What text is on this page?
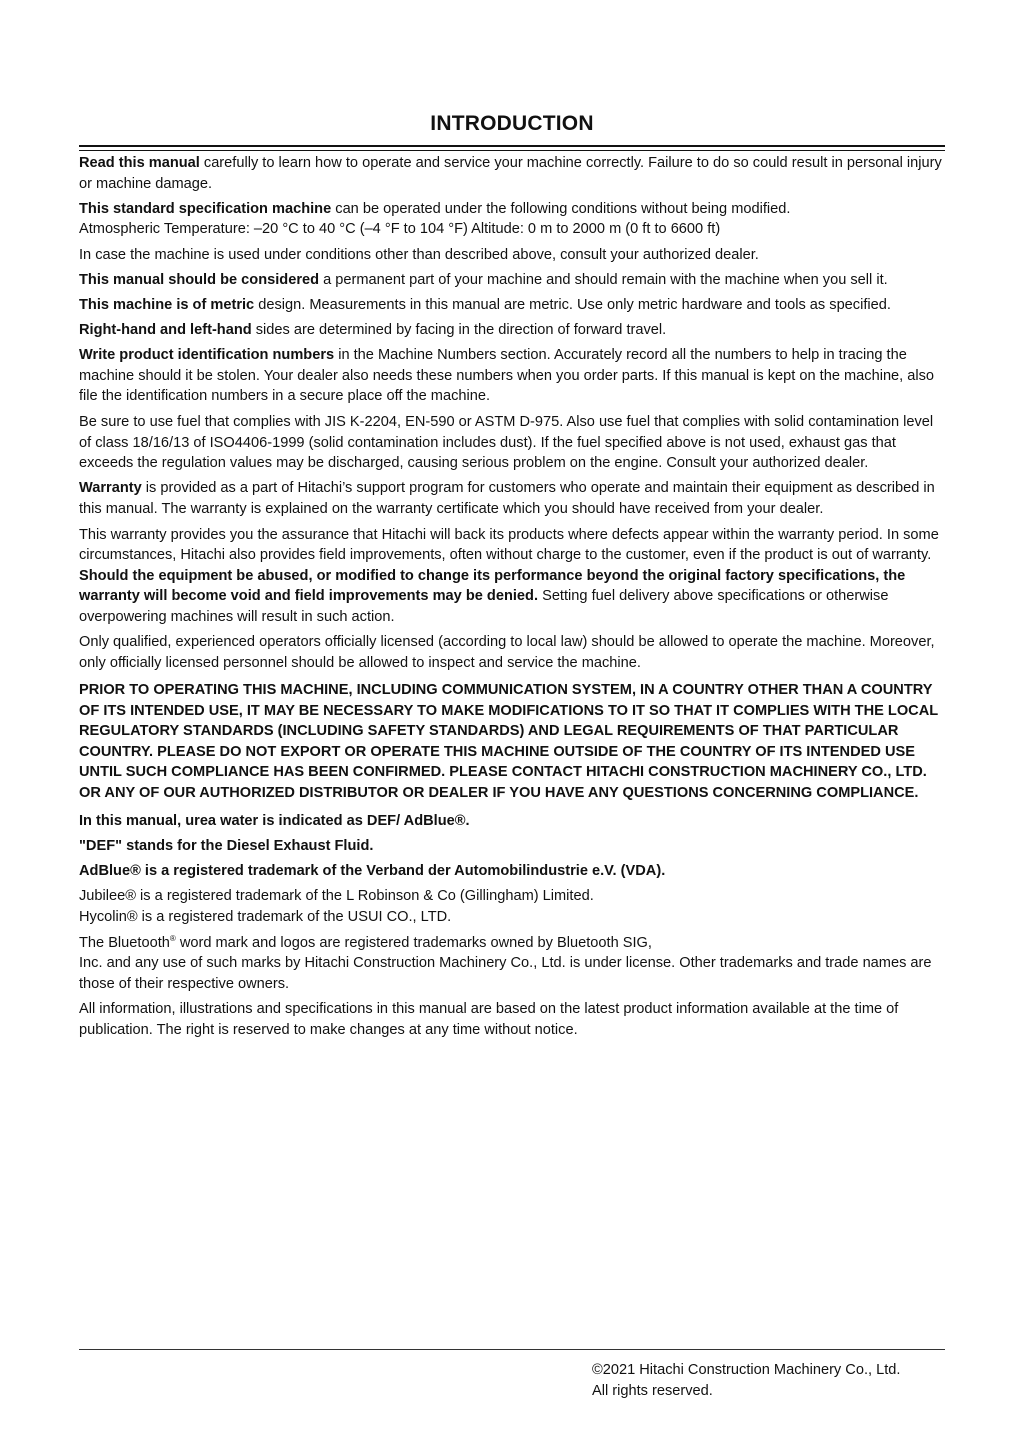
INTRODUCTION

Read this manual carefully to learn how to operate and service your machine correctly. Failure to do so could result in personal injury or machine damage.

This standard specification machine can be operated under the following conditions without being modified.
Atmospheric Temperature: –20 °C to 40 °C (–4 °F to 104 °F) Altitude: 0 m to 2000 m (0 ft to 6600 ft)

In case the machine is used under conditions other than described above, consult your authorized dealer.

This manual should be considered a permanent part of your machine and should remain with the machine when you sell it.

This machine is of metric design. Measurements in this manual are metric. Use only metric hardware and tools as specified.

Right-hand and left-hand sides are determined by facing in the direction of forward travel.

Write product identification numbers in the Machine Numbers section. Accurately record all the numbers to help in tracing the machine should it be stolen. Your dealer also needs these numbers when you order parts. If this manual is kept on the machine, also file the identification numbers in a secure place off the machine.

Be sure to use fuel that complies with JIS K-2204, EN-590 or ASTM D-975. Also use fuel that complies with solid contamination level of class 18/16/13 of ISO4406-1999 (solid contamination includes dust). If the fuel specified above is not used, exhaust gas that exceeds the regulation values may be discharged, causing serious problem on the engine. Consult your authorized dealer.

Warranty is provided as a part of Hitachi’s support program for customers who operate and maintain their equipment as described in this manual. The warranty is explained on the warranty certificate which you should have received from your dealer.

This warranty provides you the assurance that Hitachi will back its products where defects appear within the warranty period. In some circumstances, Hitachi also provides field improvements, often without charge to the customer, even if the product is out of warranty. Should the equipment be abused, or modified to change its performance beyond the original factory specifications, the warranty will become void and field improvements may be denied. Setting fuel delivery above specifications or otherwise overpowering machines will result in such action.

Only qualified, experienced operators officially licensed (according to local law) should be allowed to operate the machine. Moreover, only officially licensed personnel should be allowed to inspect and service the machine.

PRIOR TO OPERATING THIS MACHINE, INCLUDING COMMUNICATION SYSTEM, IN A COUNTRY OTHER THAN A COUNTRY OF ITS INTENDED USE, IT MAY BE NECESSARY TO MAKE MODIFICATIONS TO IT SO THAT IT COMPLIES WITH THE LOCAL REGULATORY STANDARDS (INCLUDING SAFETY STANDARDS) AND LEGAL REQUIREMENTS OF THAT PARTICULAR COUNTRY. PLEASE DO NOT EXPORT OR OPERATE THIS MACHINE OUTSIDE OF THE COUNTRY OF ITS INTENDED USE UNTIL SUCH COMPLIANCE HAS BEEN CONFIRMED. PLEASE CONTACT HITACHI CONSTRUCTION MACHINERY CO., LTD. OR ANY OF OUR AUTHORIZED DISTRIBUTOR OR DEALER IF YOU HAVE ANY QUESTIONS CONCERNING COMPLIANCE.

In this manual, urea water is indicated as DEF/ AdBlue®.

"DEF" stands for the Diesel Exhaust Fluid.

AdBlue® is a registered trademark of the Verband der Automobilindustrie e.V. (VDA).

Jubilee® is a registered trademark of the L Robinson & Co (Gillingham) Limited.
Hycolin® is a registered trademark of the USUI CO., LTD.

The Bluetooth® word mark and logos are registered trademarks owned by Bluetooth SIG,
Inc. and any use of such marks by Hitachi Construction Machinery Co., Ltd. is under license. Other trademarks and trade names are those of their respective owners.

All information, illustrations and specifications in this manual are based on the latest product information available at the time of publication. The right is reserved to make changes at any time without notice.

©2021 Hitachi Construction Machinery Co., Ltd.
All rights reserved.
